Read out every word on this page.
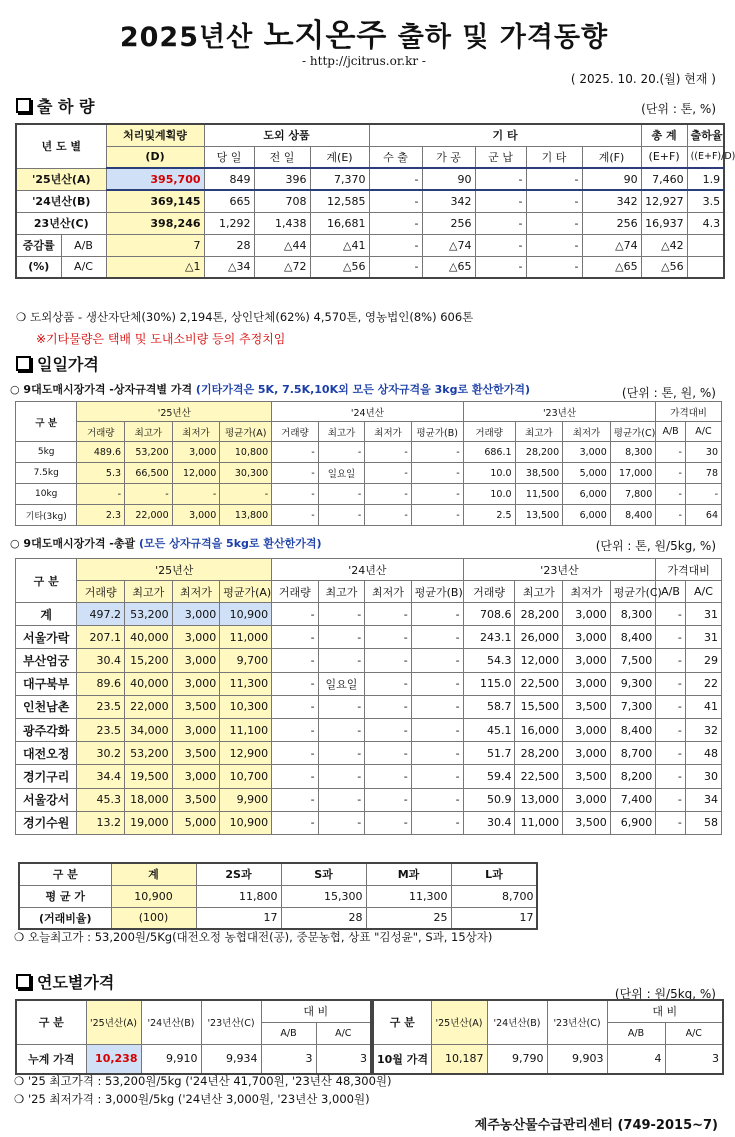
2025년산 노지온주 출하 및 가격동향
- http://jcitrus.or.kr -
( 2025. 10. 20.(월) 현재 )
출 하 량	(단위 : 톤, %)
년 도 별		처리및계획량	도외 상품			기 타					총 계	출하율
		(D)	당 일	전 일	계(E)	수 출	가 공	군 납	기 타	계(F)	(E+F)	((E+F)/D)
'25년산(A)		395,700	849	396	7,370	-	90	-	-	90	7,460	1.9
'24년산(B)		369,145	665	708	12,585	-	342	-	-	342	12,927	3.5
23년산(C)		398,246	1,292	1,438	16,681	-	256	-	-	256	16,937	4.3
증감률	A/B	7	28	△44	△41	-	△74	-	-	△74	△42	
(%)	A/C	△1	△34	△72	△56	-	△65	-	-	△65	△56	
❍ 도외상품 - 생산자단체(30%) 2,194톤, 상인단체(62%) 4,570톤, 영농법인(8%) 606톤
※기타물량은 택배 및 도내소비량 등의 추정치임
일일가격
○ 9대도매시장가격 -상자규격별 가격 (기타가격은 5K, 7.5K,10K외 모든 상자규격을 3kg로 환산한가격)	(단위 : 톤, 원, %)
구 분	'25년산				'24년산				'23년산				가격대비	
	거래량	최고가	최저가	평균가(A)	거래량	최고가	최저가	평균가(B)	거래량	최고가	최저가	평균가(C)	A/B	A/C
5kg	489.6	53,200	3,000	10,800	-	-	-	-	686.1	28,200	3,000	8,300	-	30
7.5kg	5.3	66,500	12,000	30,300	-	일요일	-	-	10.0	38,500	5,000	17,000	-	78
10kg	-	-	-	-	-	-	-	-	10.0	11,500	6,000	7,800	-	-
기타(3kg)	2.3	22,000	3,000	13,800	-	-	-	-	2.5	13,500	6,000	8,400	-	64
○ 9대도매시장가격 -총괄 (모든 상자규격을 5kg로 환산한가격)	(단위 : 톤, 원/5kg, %)
구 분	'25년산				'24년산				'23년산				가격대비	
	거래량	최고가	최저가	평균가(A)	거래량	최고가	최저가	평균가(B)	거래량	최고가	최저가	평균가(C)	A/B	A/C
계	497.2	53,200	3,000	10,900	-	-	-	-	708.6	28,200	3,000	8,300	-	31
서울가락	207.1	40,000	3,000	11,000	-	-	-	-	243.1	26,000	3,000	8,400	-	31
부산엄궁	30.4	15,200	3,000	9,700	-	-	-	-	54.3	12,000	3,000	7,500	-	29
대구북부	89.6	40,000	3,000	11,300	-	일요일	-	-	115.0	22,500	3,000	9,300	-	22
인천남촌	23.5	22,000	3,500	10,300	-	-	-	-	58.7	15,500	3,500	7,300	-	41
광주각화	23.5	34,000	3,000	11,100	-	-	-	-	45.1	16,000	3,000	8,400	-	32
대전오정	30.2	53,200	3,500	12,900	-	-	-	-	51.7	28,200	3,000	8,700	-	48
경기구리	34.4	19,500	3,000	10,700	-	-	-	-	59.4	22,500	3,500	8,200	-	30
서울강서	45.3	18,000	3,500	9,900	-	-	-	-	50.9	13,000	3,000	7,400	-	34
경기수원	13.2	19,000	5,000	10,900	-	-	-	-	30.4	11,000	3,500	6,900	-	58
구 분	계	2S과	S과	M과	L과	
평 균 가	10,900	11,800	15,300	11,300	8,700	
(거래비율)	(100)	17	28	25	17	
❍ 오늘최고가 : 53,200원/5Kg(대전오정 농협대전(공), 중문농협, 상표 "김성윤", S과, 15상자)
연도별가격
(단위 : 원/5kg, %)
구 분	'25년산(A)	'24년산(B)	'23년산(C)	대 비	
				A/B	A/C
누계 가격	10,238	9,910	9,934	3	3
구 분	'25년산(A)	'24년산(B)	'23년산(C)	대 비	
				A/B	A/C
10월 가격	10,187	9,790	9,903	4	3
❍ '25 최고가격 : 53,200원/5kg ('24년산 41,700원, '23년산 48,300원)
❍ '25 최저가격 : 3,000원/5kg ('24년산 3,000원, '23년산 3,000원)
제주농산물수급관리센터 (749-2015~7)
